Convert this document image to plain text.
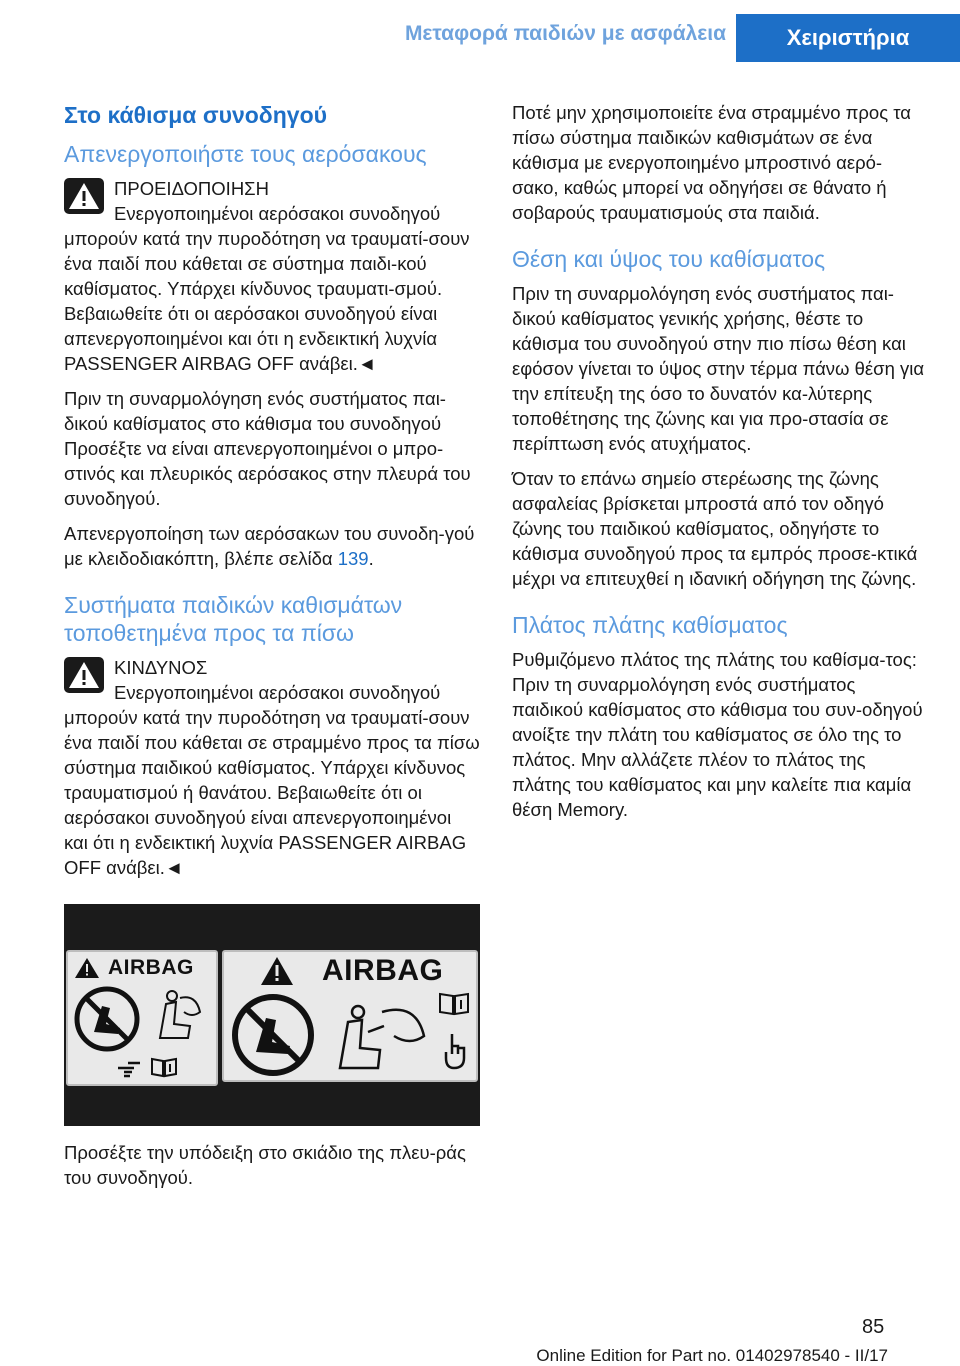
Μεταφορά παιδιών με ασφάλεια	Χειριστήρια
Στο κάθισμα συνοδηγού
Απενεργοποιήστε τους αερόσακους

ΠΡΟΕΙΔΟΠΟΙΗΣΗ

Ενεργοποιημένοι αερόσακοι συνοδηγού μπορούν κατά την πυροδότηση να τραυματί‐σουν ένα παιδί που κάθεται σε σύστημα παιδι‐κού καθίσματος. Υπάρχει κίνδυνος τραυματι‐σμού. Βεβαιωθείτε ότι οι αερόσακοι συνοδηγού είναι απενεργοποιημένοι και ότι η ενδεικτική λυχνία PASSENGER AIRBAG OFF ανάβει.◄

Πριν τη συναρμολόγηση ενός συστήματος παι‐δικού καθίσματος στο κάθισμα του συνοδηγού Προσέξτε να είναι απενεργοποιημένοι ο μπρο‐στινός και πλευρικός αερόσακος στην πλευρά του συνοδηγού.

Απενεργοποίηση των αερόσακων του συνοδη‐γού με κλειδοδιακόπτη, βλέπε σελίδα 139.

Συστήματα παιδικών καθισμάτων τοποθετημένα προς τα πίσω

ΚΙΝΔΥΝΟΣ

Ενεργοποιημένοι αερόσακοι συνοδηγού μπορούν κατά την πυροδότηση να τραυματί‐σουν ένα παιδί που κάθεται σε στραμμένο προς τα πίσω σύστημα παιδικού καθίσματος. Υπάρχει κίνδυνος τραυματισμού ή θανάτου. Βεβαιωθείτε ότι οι αερόσακοι συνοδηγού είναι απενεργοποιημένοι και ότι η ενδεικτική λυχνία PASSENGER AIRBAG OFF ανάβει.◄

AIRBAG	AIRBAG

Προσέξτε την υπόδειξη στο σκιάδιο της πλευ‐ράς του συνοδηγού.

Ποτέ μην χρησιμοποιείτε ένα στραμμένο προς τα πίσω σύστημα παιδικών καθισμάτων σε ένα κάθισμα με ενεργοποιημένο μπροστινό αερό‐σακο, καθώς μπορεί να οδηγήσει σε θάνατο ή σοβαρούς τραυματισμούς στα παιδιά.

Θέση και ύψος του καθίσματος

Πριν τη συναρμολόγηση ενός συστήματος παι‐δικού καθίσματος γενικής χρήσης, θέστε το κάθισμα του συνοδηγού στην πιο πίσω θέση και εφόσον γίνεται το ύψος στην τέρμα πάνω θέση για την επίτευξη της όσο το δυνατόν κα‐λύτερης τοποθέτησης της ζώνης και για προ‐στασία σε περίπτωση ενός ατυχήματος.

Όταν το επάνω σημείο στερέωσης της ζώνης ασφαλείας βρίσκεται μπροστά από τον οδηγό ζώνης του παιδικού καθίσματος, οδηγήστε το κάθισμα συνοδηγού προς τα εμπρός προσε‐κτικά μέχρι να επιτευχθεί η ιδανική οδήγηση της ζώνης.

Πλάτος πλάτης καθίσματος

Ρυθμιζόμενο πλάτος της πλάτης του καθίσμα‐τος: Πριν τη συναρμολόγηση ενός συστήματος παιδικού καθίσματος στο κάθισμα του συν‐οδηγού ανοίξτε την πλάτη του καθίσματος σε όλο της το πλάτος. Μην αλλάζετε πλέον το πλάτος της πλάτης του καθίσματος και μην καλείτε πια καμία θέση Memory.

85
Online Edition for Part no. 01402978540 - II/17
